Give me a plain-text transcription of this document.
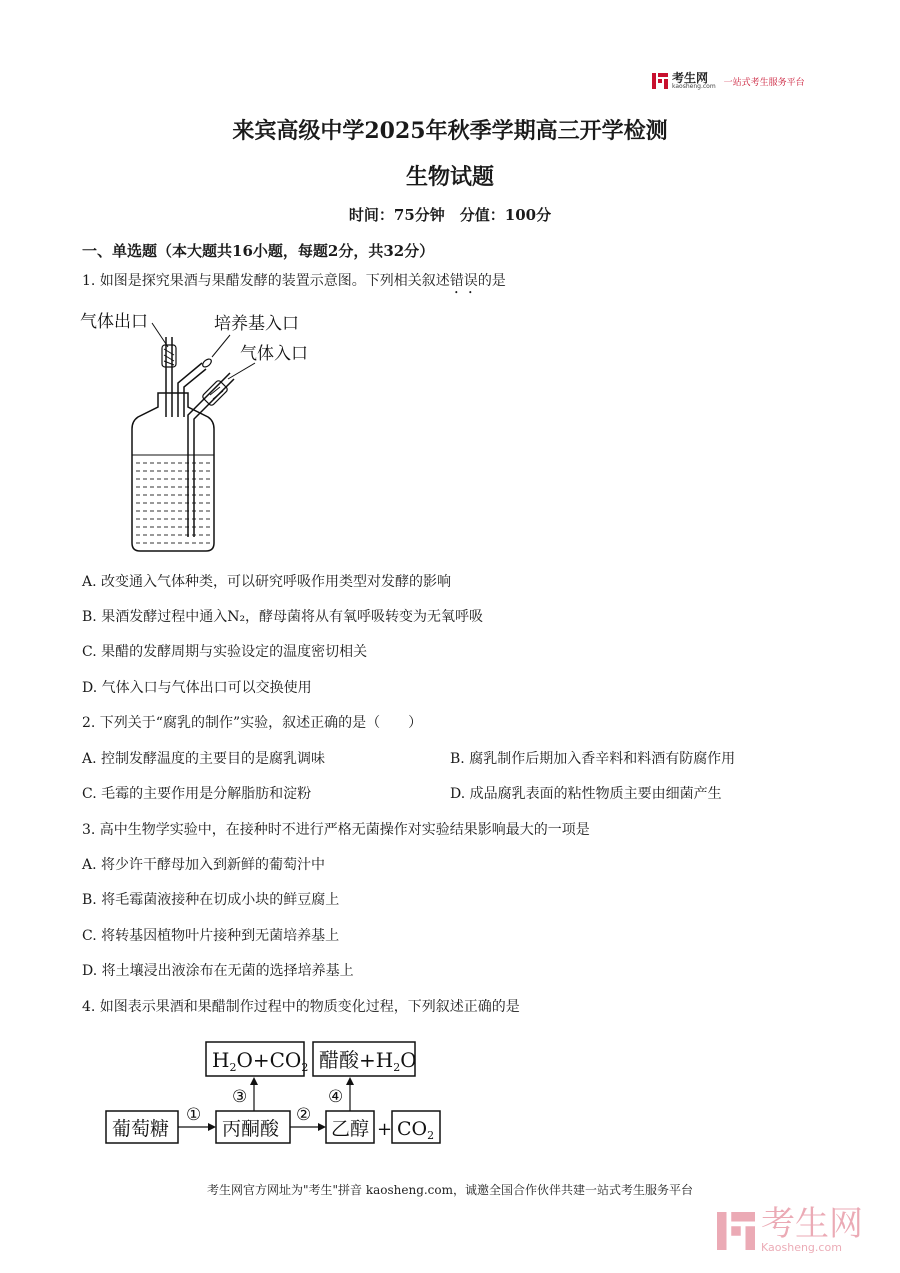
考生网
kaosheng.com 一站式考生服务平台
来宾高级中学2025年秋季学期高三开学检测
生物试题
时间：75分钟　分值：100分
一、单选题（本大题共16小题，每题2分，共32分）
1. 如图是探究果酒与果醋发酵的装置示意图。下列相关叙述错误的是
气体出口	培养基入口
气体入口
A. 改变通入气体种类，可以研究呼吸作用类型对发酵的影响
B. 果酒发酵过程中通入N₂，酵母菌将从有氧呼吸转变为无氧呼吸
C. 果醋的发酵周期与实验设定的温度密切相关
D. 气体入口与气体出口可以交换使用
2. 下列关于“腐乳的制作”实验，叙述正确的是（　　）
A. 控制发酵温度的主要目的是腐乳调味	B. 腐乳制作后期加入香辛料和料酒有防腐作用
C. 毛霉的主要作用是分解脂肪和淀粉	D. 成品腐乳表面的粘性物质主要由细菌产生
3. 高中生物学实验中，在接种时不进行严格无菌操作对实验结果影响最大的一项是
A. 将少许干酵母加入到新鲜的葡萄汁中
B. 将毛霉菌液接种在切成小块的鲜豆腐上
C. 将转基因植物叶片接种到无菌培养基上
D. 将土壤浸出液涂布在无菌的选择培养基上
4. 如图表示果酒和果醋制作过程中的物质变化过程，下列叙述正确的是
$H_2O+CO_2$ 醋酸$+H_2O$
葡萄糖	丙酮酸	乙醇 + $CO_2$
①	②
③	④
考生网官方网址为"考生"拼音 kaosheng.com，诚邀全国合作伙伴共建一站式考生服务平台
考生网
Kaosheng.com
